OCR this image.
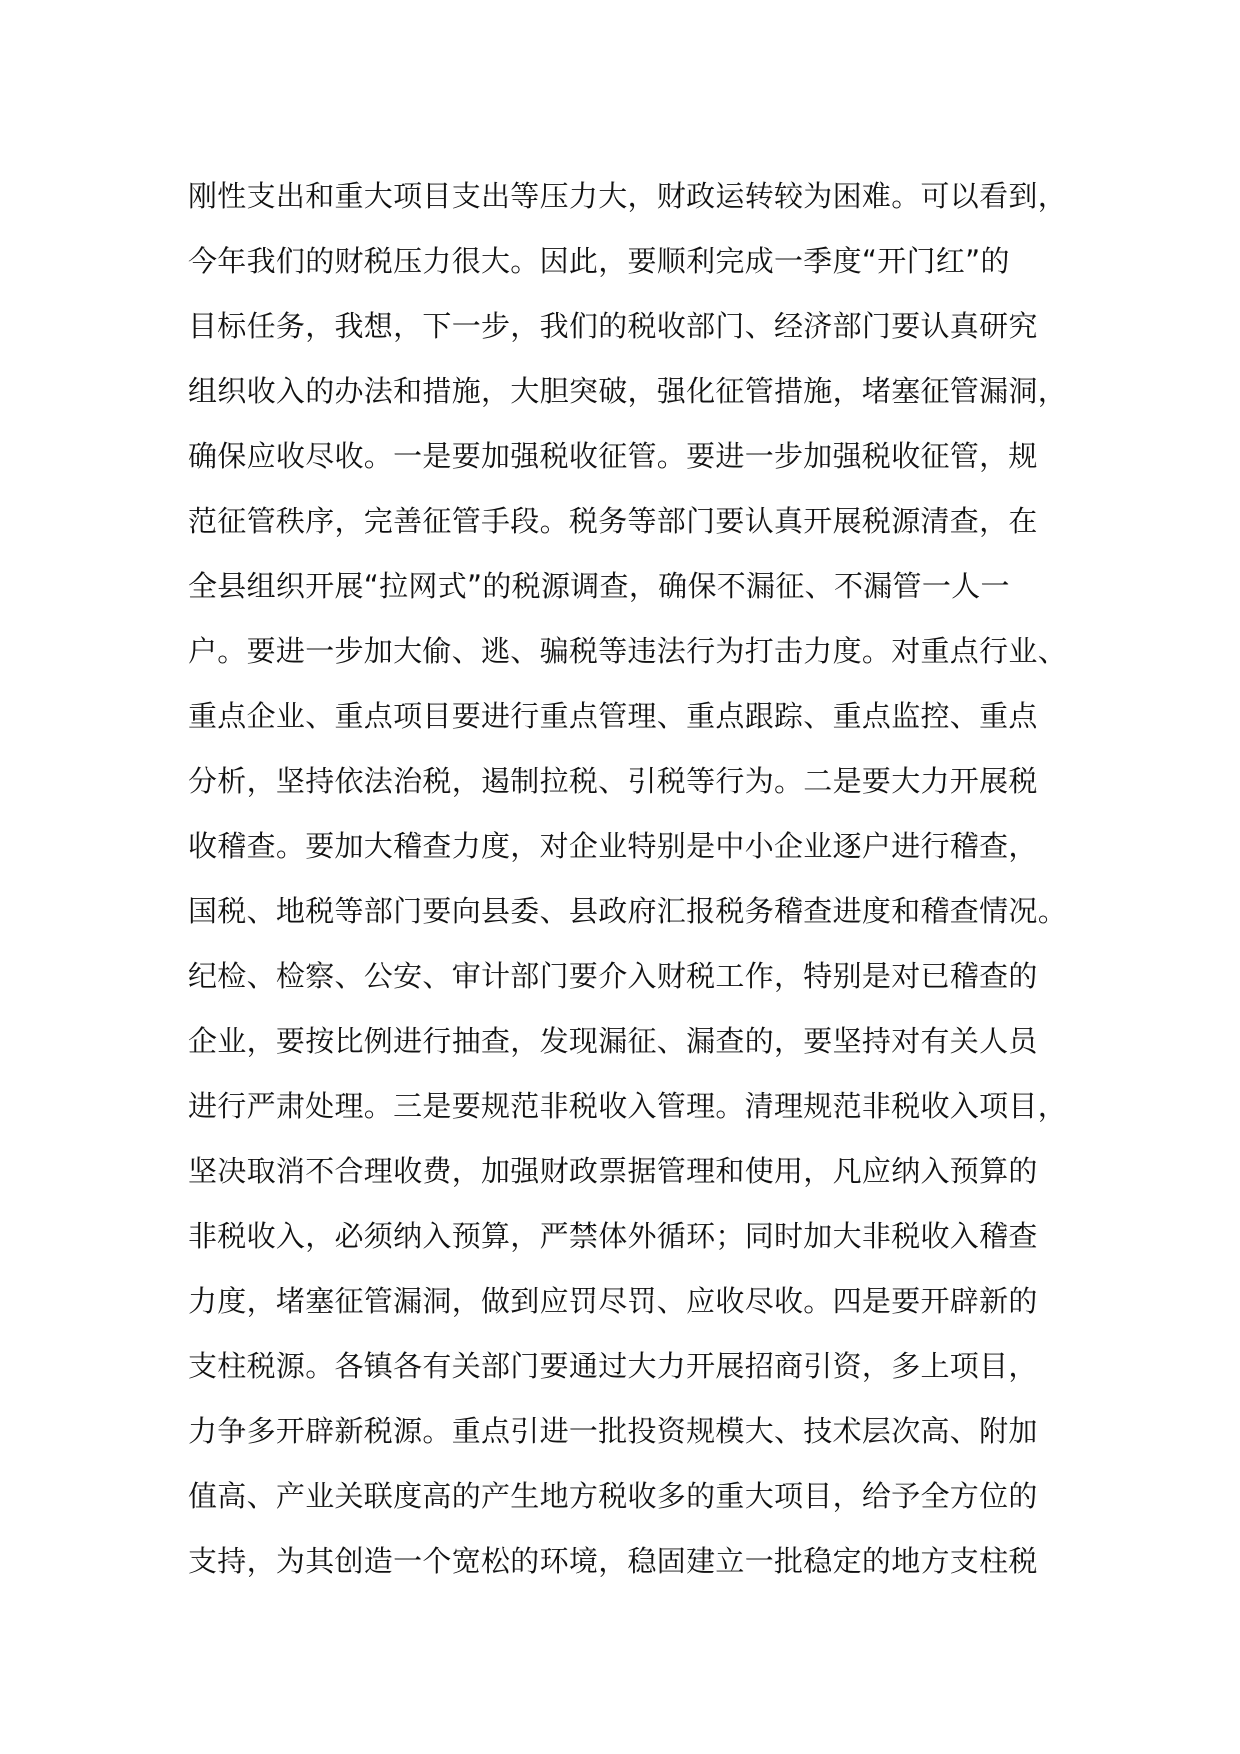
刚性支出和重大项目支出等压力大，财政运转较为困难。可以看到，
今年我们的财税压力很大。因此，要顺利完成一季度“开门红”的
目标任务，我想，下一步，我们的税收部门、经济部门要认真研究
组织收入的办法和措施，大胆突破，强化征管措施，堵塞征管漏洞，
确保应收尽收。一是要加强税收征管。要进一步加强税收征管，规
范征管秩序，完善征管手段。税务等部门要认真开展税源清查，在
全县组织开展“拉网式”的税源调查，确保不漏征、不漏管一人一
户。要进一步加大偷、逃、骗税等违法行为打击力度。对重点行业、
重点企业、重点项目要进行重点管理、重点跟踪、重点监控、重点
分析，坚持依法治税，遏制拉税、引税等行为。二是要大力开展税
收稽查。要加大稽查力度，对企业特别是中小企业逐户进行稽查，
国税、地税等部门要向县委、县政府汇报税务稽查进度和稽查情况。
纪检、检察、公安、审计部门要介入财税工作，特别是对已稽查的
企业，要按比例进行抽查，发现漏征、漏查的，要坚持对有关人员
进行严肃处理。三是要规范非税收入管理。清理规范非税收入项目，
坚决取消不合理收费，加强财政票据管理和使用，凡应纳入预算的
非税收入，必须纳入预算，严禁体外循环；同时加大非税收入稽查
力度，堵塞征管漏洞，做到应罚尽罚、应收尽收。四是要开辟新的
支柱税源。各镇各有关部门要通过大力开展招商引资，多上项目，
力争多开辟新税源。重点引进一批投资规模大、技术层次高、附加
值高、产业关联度高的产生地方税收多的重大项目，给予全方位的
支持，为其创造一个宽松的环境，稳固建立一批稳定的地方支柱税
